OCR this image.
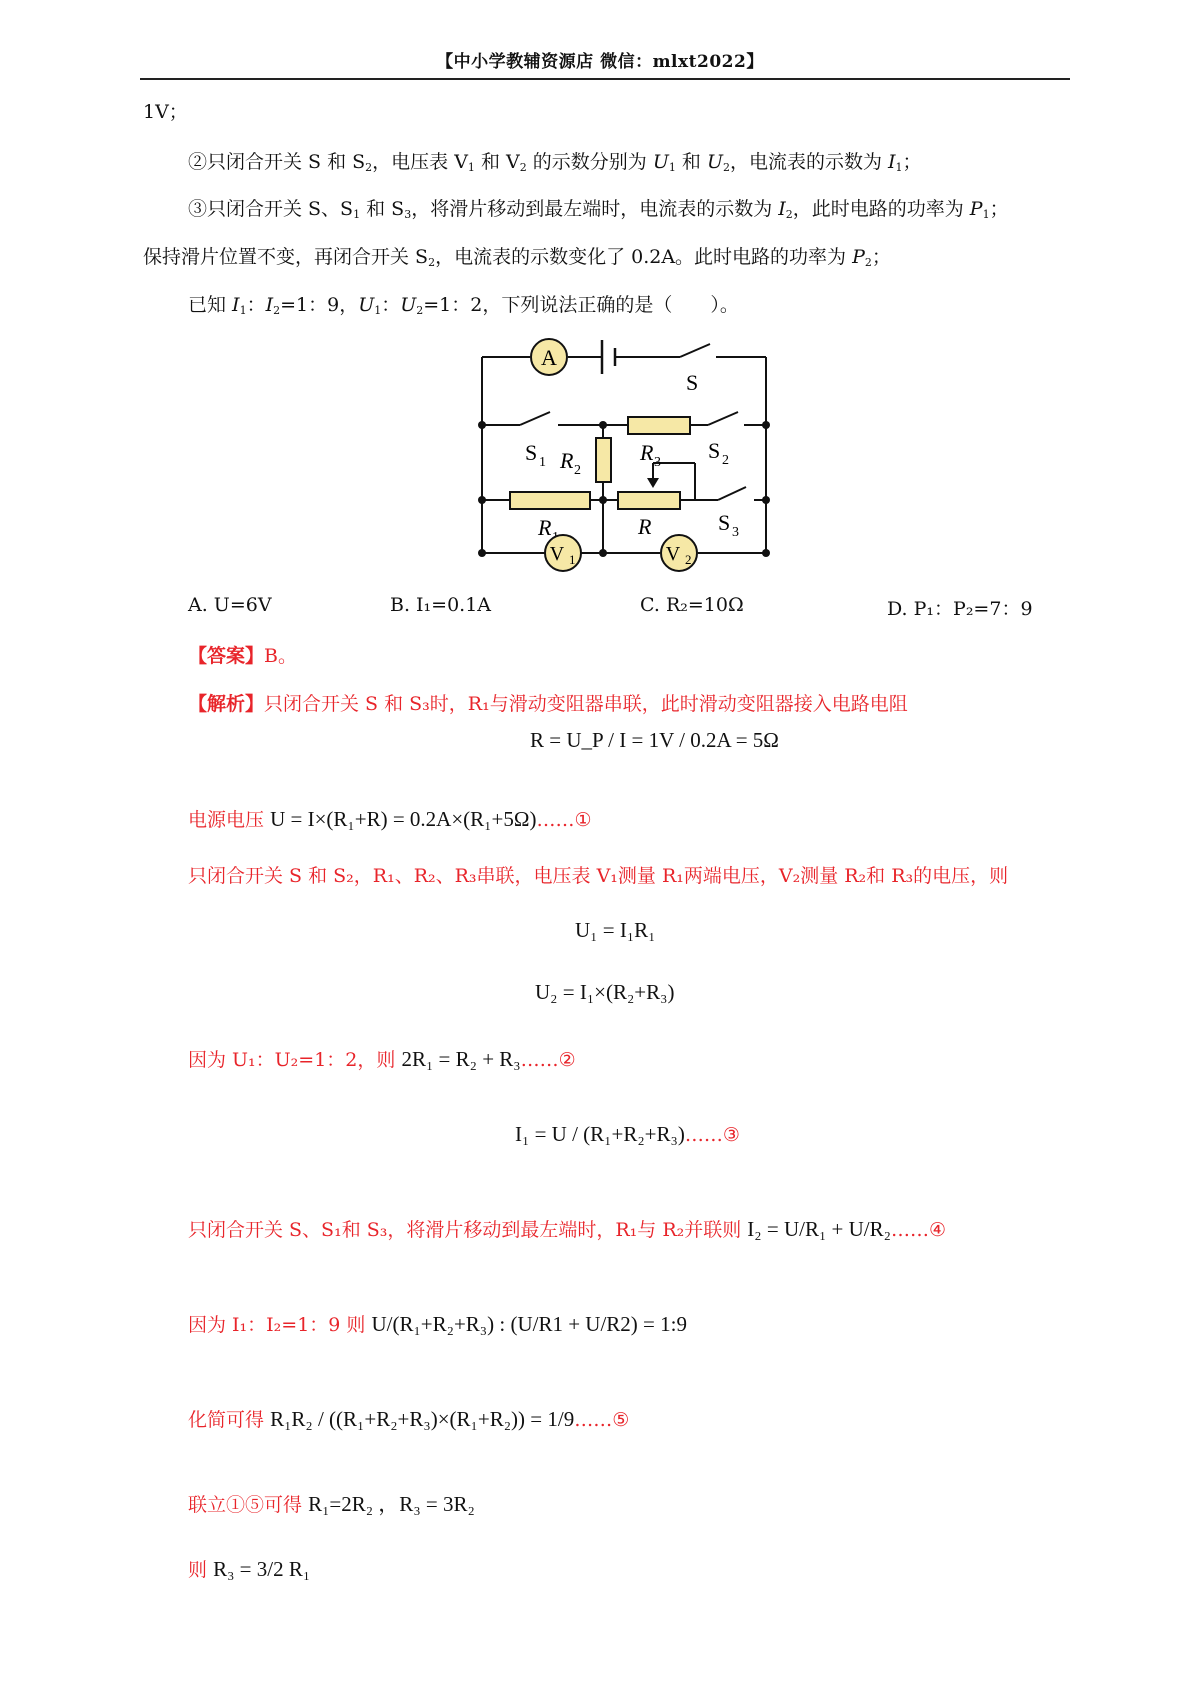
【中小学教辅资源店 微信：mlxt2022】
1V；
②只闭合开关 S 和 $S_2$，电压表 $V_1$ 和 $V_2$ 的示数分别为 $U_1$ 和 $U_2$，电流表的示数为 $I_1$；
③只闭合开关 S、$S_1$ 和 $S_3$，将滑片移动到最左端时，电流表的示数为 $I_2$，此时电路的功率为 $P_1$；
保持滑片位置不变，再闭合开关 $S_2$，电流表的示数变化了 0.2A。此时电路的功率为 $P_2$；
已知 $I_1$：$I_2=1$：9，$U_1$：$U_2=1$：2，下列说法正确的是（　　）。
A
S
S 1	S 2
S 3
R 3
R 2
R	R
V 1	V 2
A. U=6V	B. I₁=0.1A	C. R₂=10Ω	D. P₁：P₂=7：9
【答案】B。
【解析】只闭合开关 S 和 S₃时，R₁与滑动变阻器串联，此时滑动变阻器接入电路电阻
R = U_P / I = 1V / 0.2A = 5Ω
电源电压 U = I×(R₁+R) = 0.2A×(R₁+5Ω)……①
只闭合开关 S 和 S₂，R₁、R₂、R₃串联，电压表 V₁测量 R₁两端电压，V₂测量 R₂和 R₃的电压，则
U₁ = I₁R₁
U₂ = I₁×(R₂+R₃)
因为 U₁：U₂=1：2，则 2R₁ = R₂ + R₃……②
I₁ = U / (R₁+R₂+R₃)……③
只闭合开关 S、S₁和 S₃，将滑片移动到最左端时，R₁与 R₂并联则 I₂ = U/R₁ + U/R₂……④
因为 I₁：I₂=1：9 则 U/(R₁+R₂+R₃) : (U/R1 + U/R2) = 1:9
化简可得 R₁R₂ / ((R₁+R₂+R₃)×(R₁+R₂)) = 1/9……⑤
联立①⑤可得 R₁=2R₂ ，R₃ = 3R₂
则 R₃ = 3/2 R₁
